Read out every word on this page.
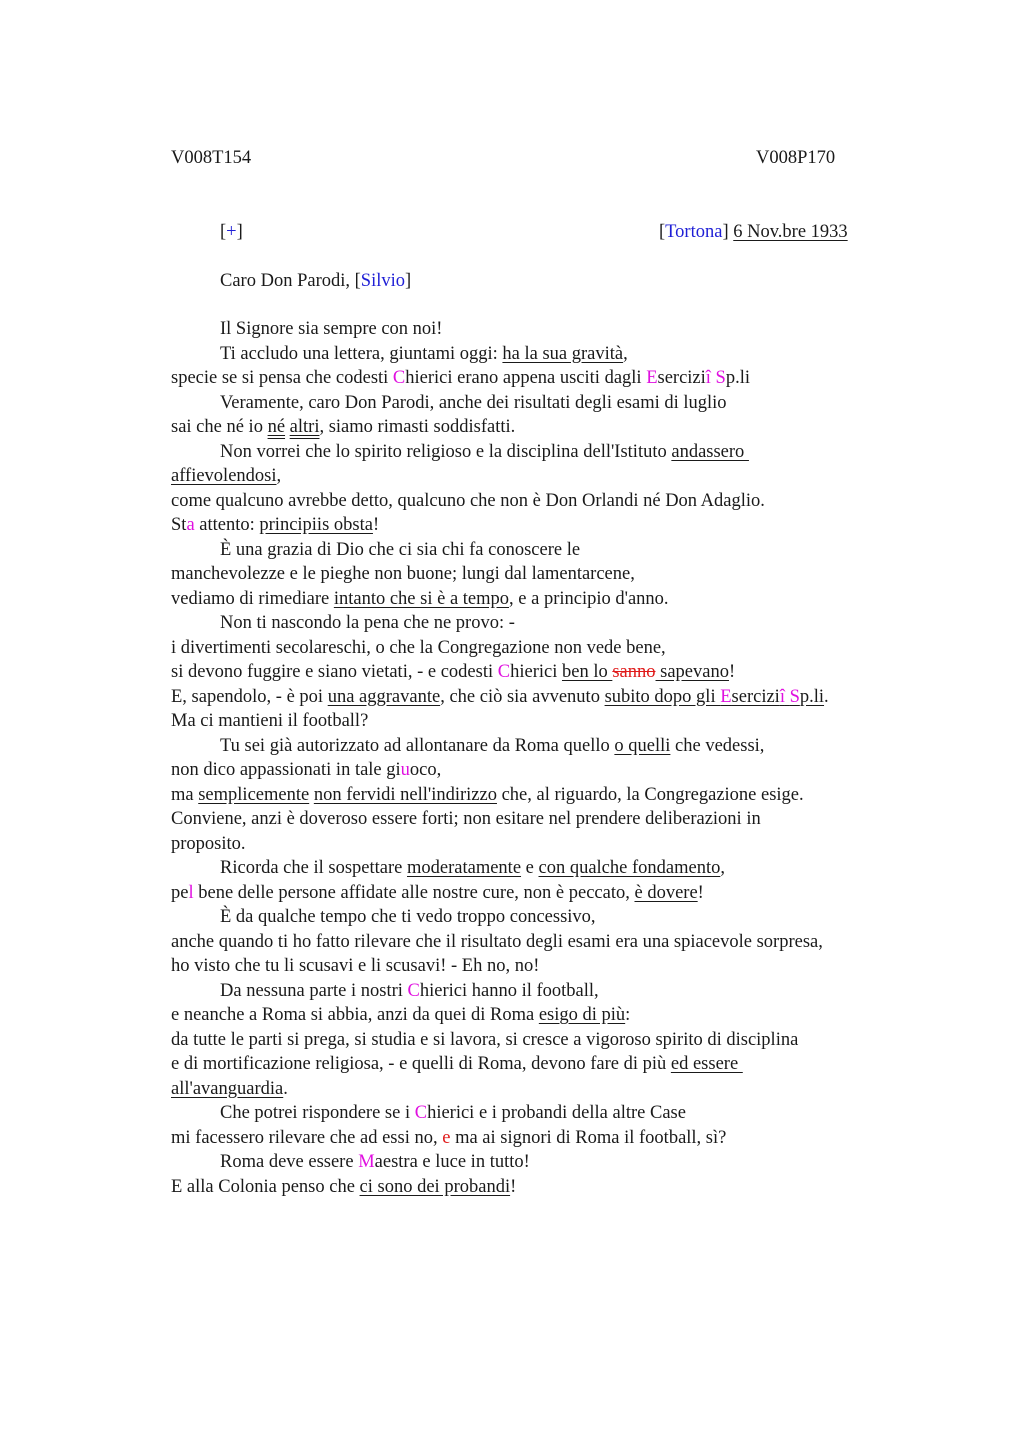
V008T154	V008P170
[+]	[Tortona] 6 Nov.bre 1933
Caro Don Parodi, [Silvio]
Il Signore sia sempre con noi!
Ti accludo una lettera, giuntami oggi: ha la sua gravità,
specie se si pensa che codesti Chierici erano appena usciti dagli Eserciziî Sp.li
Veramente, caro Don Parodi, anche dei risultati degli esami di luglio
sai che né io né altri, siamo rimasti soddisfatti.
Non vorrei che lo spirito religioso e la disciplina dell'Istituto andassero
affievolendosi,
come qualcuno avrebbe detto, qualcuno che non è Don Orlandi né Don Adaglio.
Sta attento: principiis obsta!
È una grazia di Dio che ci sia chi fa conoscere le
manchevolezze e le pieghe non buone; lungi dal lamentarcene,
vediamo di rimediare intanto che si è a tempo, e a principio d'anno.
Non ti nascondo la pena che ne provo: -
i divertimenti secolareschi, o che la Congregazione non vede bene,
si devono fuggire e siano vietati, - e codesti Chierici ben lo sanno sapevano!
E, sapendolo, - è poi una aggravante, che ciò sia avvenuto subito dopo gli Eserciziî Sp.li.
Ma ci mantieni il football?
Tu sei già autorizzato ad allontanare da Roma quello o quelli che vedessi,
non dico appassionati in tale giuoco,
ma semplicemente non fervidi nell'indirizzo che, al riguardo, la Congregazione esige.
Conviene, anzi è doveroso essere forti; non esitare nel prendere deliberazioni in
proposito.
Ricorda che il sospettare moderatamente e con qualche fondamento,
pel bene delle persone affidate alle nostre cure, non è peccato, è dovere!
È da qualche tempo che ti vedo troppo concessivo,
anche quando ti ho fatto rilevare che il risultato degli esami era una spiacevole sorpresa,
ho visto che tu li scusavi e li scusavi! - Eh no, no!
Da nessuna parte i nostri Chierici hanno il football,
e neanche a Roma si abbia, anzi da quei di Roma esigo di più:
da tutte le parti si prega, si studia e si lavora, si cresce a vigoroso spirito di disciplina
e di mortificazione religiosa, - e quelli di Roma, devono fare di più ed essere
all'avanguardia.
Che potrei rispondere se i Chierici e i probandi della altre Case
mi facessero rilevare che ad essi no, e ma ai signori di Roma il football, sì?
Roma deve essere Maestra e luce in tutto!
E alla Colonia penso che ci sono dei probandi!
